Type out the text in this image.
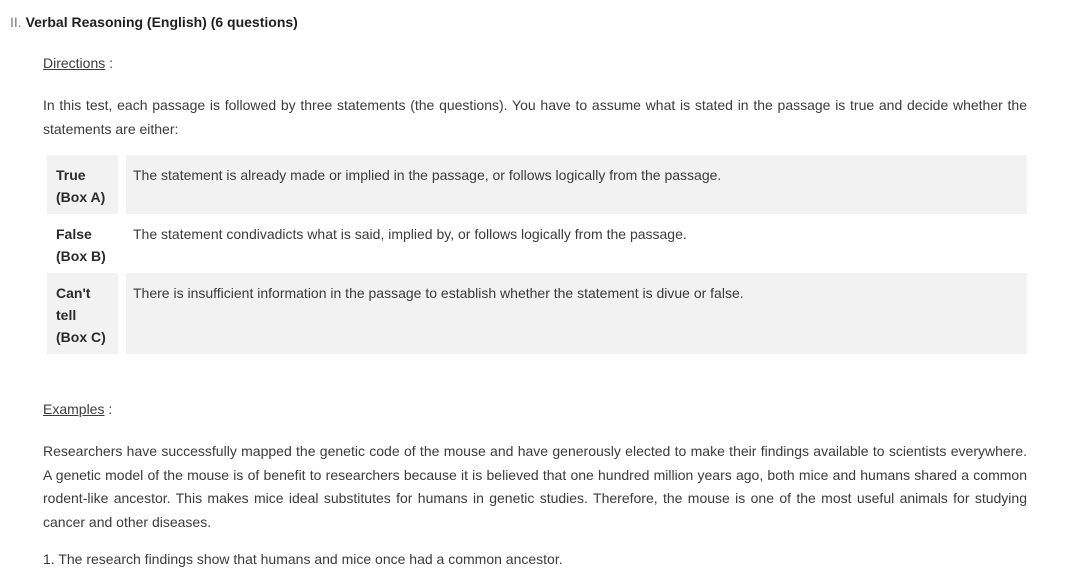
II. Verbal Reasoning (English) (6 questions)
Directions :
In this test, each passage is followed by three statements (the questions). You have to assume what is stated in the passage is true and decide whether the statements are either:
True
(Box A)
The statement is already made or implied in the passage, or follows logically from the passage.
False
(Box B)
The statement condivadicts what is said, implied by, or follows logically from the passage.
Can't tell
(Box C)
There is insufficient information in the passage to establish whether the statement is divue or false.
Examples :
Researchers have successfully mapped the genetic code of the mouse and have generously elected to make their findings available to scientists everywhere. A genetic model of the mouse is of benefit to researchers because it is believed that one hundred million years ago, both mice and humans shared a common rodent-like ancestor. This makes mice ideal substitutes for humans in genetic studies. Therefore, the mouse is one of the most useful animals for studying cancer and other diseases.
1. The research findings show that humans and mice once had a common ancestor.
